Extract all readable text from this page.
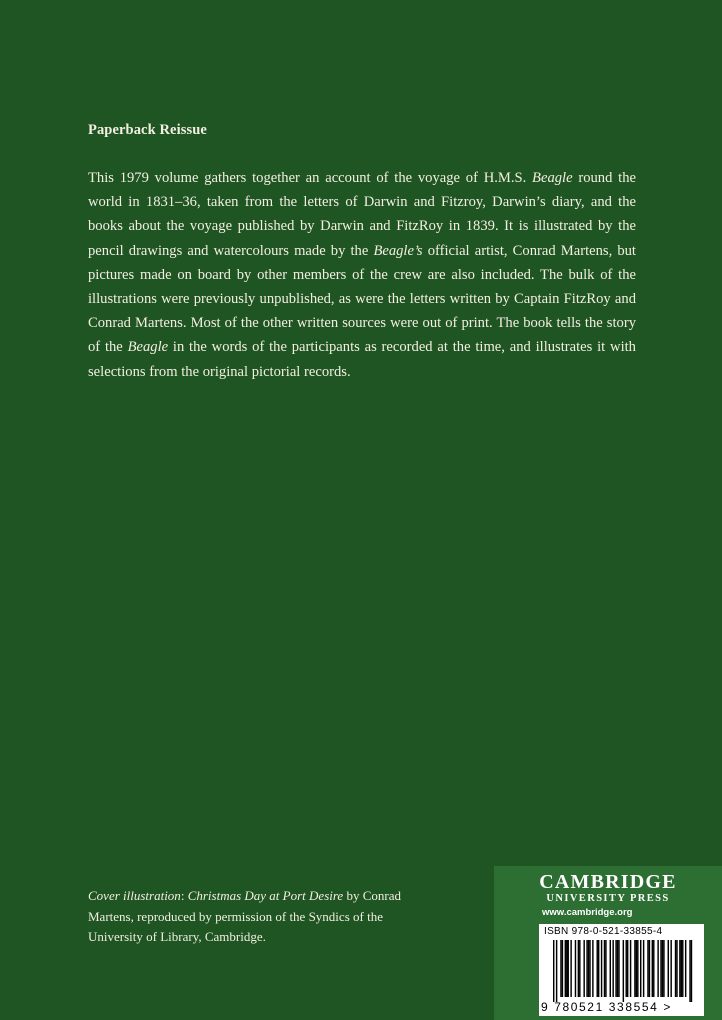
Paperback Reissue

This 1979 volume gathers together an account of the voyage of H.M.S. Beagle round the world in 1831–36, taken from the letters of Darwin and Fitzroy, Darwin’s diary, and the books about the voyage published by Darwin and FitzRoy in 1839. It is illustrated by the pencil drawings and watercolours made by the Beagle’s official artist, Conrad Martens, but pictures made on board by other members of the crew are also included. The bulk of the illustrations were previously unpublished, as were the letters written by Captain FitzRoy and Conrad Martens. Most of the other written sources were out of print. The book tells the story of the Beagle in the words of the participants as recorded at the time, and illustrates it with selections from the original pictorial records.

Cover illustration: Christmas Day at Port Desire by Conrad Martens, reproduced by permission of the Syndics of the University of Library, Cambridge.

CAMBRIDGE
UNIVERSITY PRESS
www.cambridge.org
ISBN 978-0-521-33855-4
9 780521 338554 >
